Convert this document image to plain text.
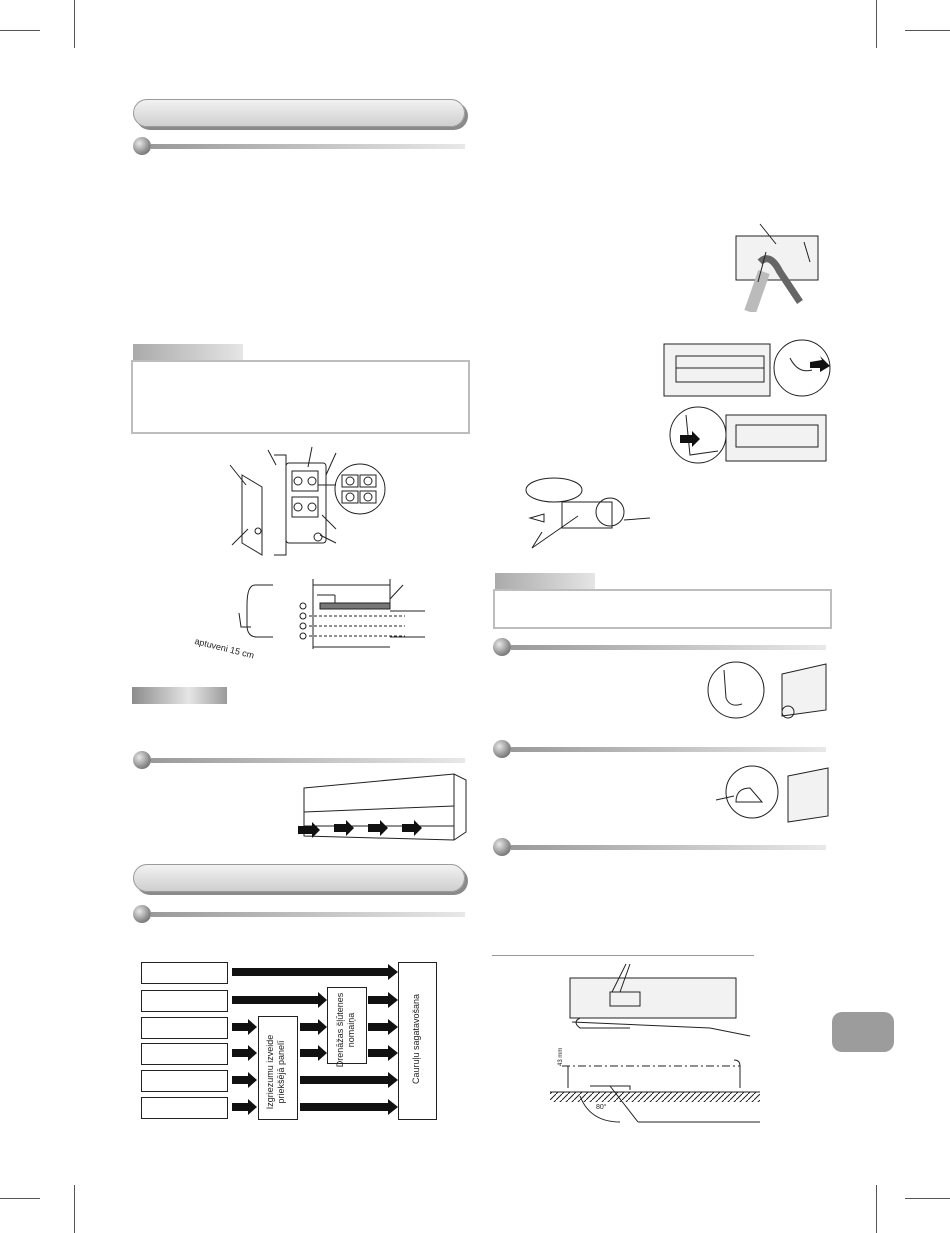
aptuveni 15 cm
Izgriezumu izveide priekšējā panelī
Drenāžas šļūtenes nomaiņa	Cauruļu sagatavošana	43 mm
80°
